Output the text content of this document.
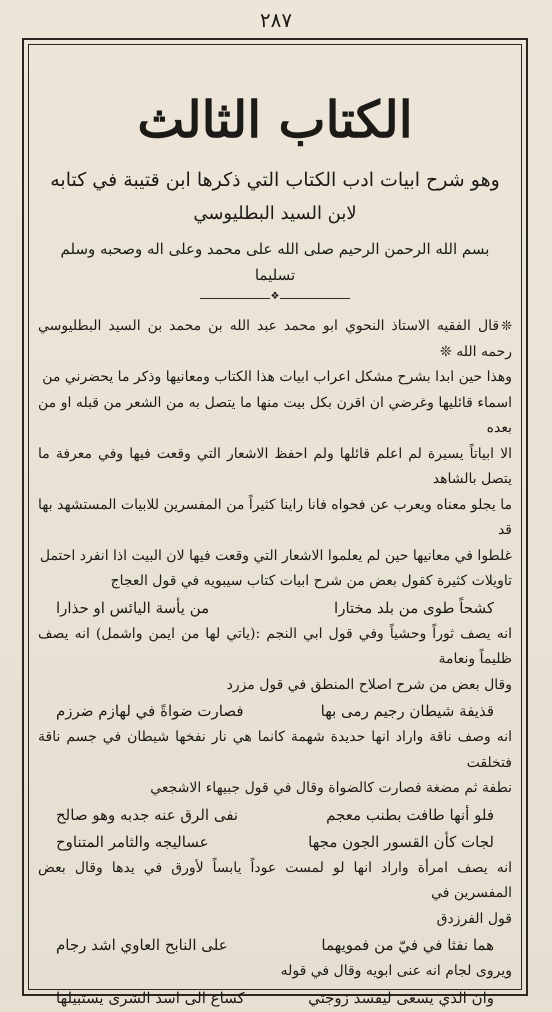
٢٨٧
الكتاب الثالث
وهو شرح ابيات ادب الكتاب التي ذكرها ابن قتيبة في كتابه
لابن السيد البطليوسي
بسم الله الرحمن الرحيم صلى الله على محمد وعلى اله وصحبه وسلم تسليما
❖

❊قال الفقيه الاستاذ النحوي ابو محمد عبد الله بن محمد بن السيد البطليوسي رحمه الله ❊

وهذا حين ابدا بشرح مشكل اعراب ابيات هذا الكتاب ومعانيها وذكر ما يحضرني من

اسماء قائليها وغرضي ان اقرن بكل بيت منها ما يتصل به من الشعر من قبله او من بعده

الا ابياتاً يسيرة لم اعلم قائلها ولم احفظ الاشعار التي وقعت فيها وفي معرفة ما يتصل بالشاهد

ما يجلو معناه ويعرب عن فحواه فانا راينا كثيراً من المفسرين للابيات المستشهد بها قد

غلطوا في معانيها حين لم يعلموا الاشعار التي وقعت فيها لان البيت اذا انفرد احتمل

تاويلات كثيرة كقول بعض من شرح ابيات كتاب سيبويه في قول العجاج

كشحاً طوى من بلد مختارا
من يأسة اليائس او حذارا

انه يصف ثوراً وحشياً وفي قول ابي النجم :(ياتي لها من ايمن واشمل) انه يصف ظليماً ونعامة

وقال بعض من شرح اصلاح المنطق في قول مزرد

قذيفة شيطان رجيم رمى بها
فصارت ضواةً في لهازم ضرزم

انه وصف ناقة واراد انها حديدة شهمة كانما هي نار نفخها شيطان في جسم ناقة فتخلقت

نطفة ثم مضغة فصارت كالضواة وقال في قول جبيهاء الاشجعي

فلو أنها طافت بطنب معجم
نفى الرق عنه جدبه وهو صالح
لجات كأن القسور الجون مجها
عساليجه والثامر المتناوح

انه يصف امرأة واراد انها لو لمست عوداً يابساً لأورق في يدها وقال بعض المفسرين في

قول الفرزدق

هما نفثا في فيّ من فمويهما
على النابح العاوي اشد رجام

ويروى لجام انه عنى ابويه وقال في قوله

وان الذي يسعى ليفسد زوجتي
كساع الى اسد الشرى يستبيلها
